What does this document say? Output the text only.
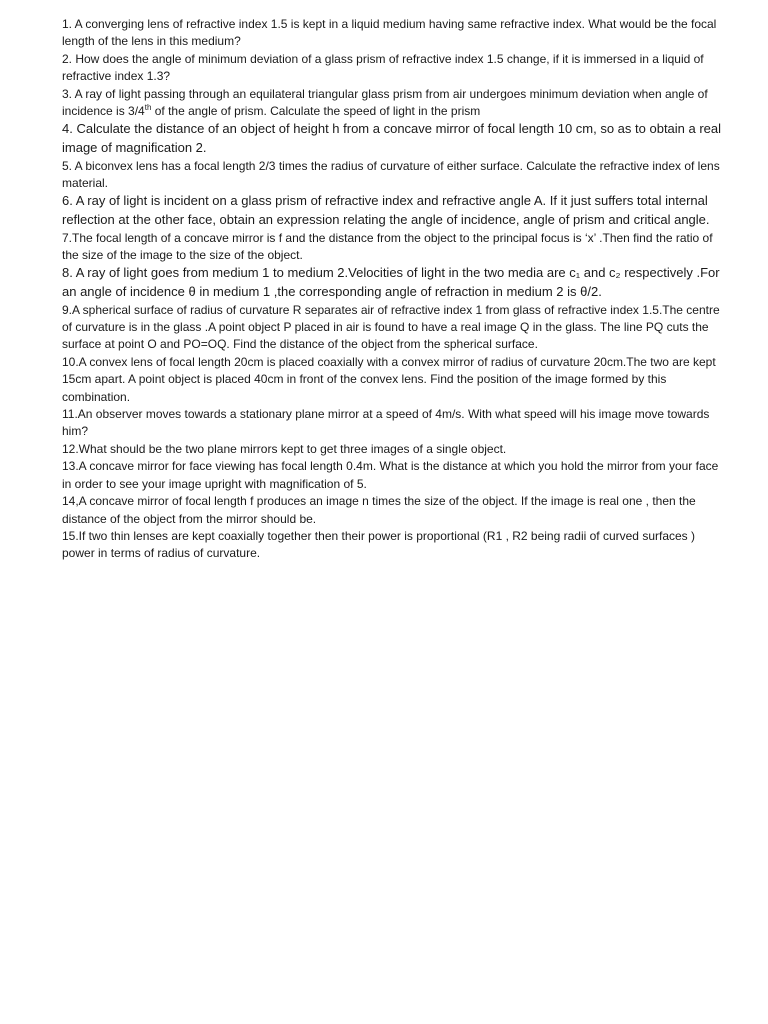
1. A converging lens of refractive index 1.5 is kept in a liquid medium having same refractive index. What would be the focal length of the lens in this medium?

2. How does the angle of minimum deviation of a glass prism of refractive index 1.5 change, if it is immersed in a liquid of refractive index 1.3?

3. A ray of light passing through an equilateral triangular glass prism from air undergoes minimum deviation when angle of incidence is 3/4th of the angle of prism. Calculate the speed of light in the prism

4. Calculate the distance of an object of height h from a concave mirror of focal length 10 cm, so as to obtain a real image of magnification 2.

5. A biconvex lens has a focal length 2/3 times the radius of curvature of either surface. Calculate the refractive index of lens material.

6. A ray of light is incident on a glass prism of refractive index and refractive angle A. If it just suffers total internal reflection at the other face, obtain an expression relating the angle of incidence, angle of prism and critical angle.

7.The focal length of a concave mirror is f and the distance from the object to the principal focus is ‘x’ .Then find the ratio of the size of the image to the size of the object.

8. A ray of light goes from medium 1 to medium 2.Velocities of light in the two media are c₁ and c₂ respectively .For an angle of incidence θ in medium 1 ,the corresponding angle of refraction in medium 2 is θ/2.

9.A spherical surface of radius of curvature R separates air of refractive index 1 from glass of refractive index 1.5.The centre of curvature is in the glass .A point object P placed in air is found to have a real image Q in the glass. The line PQ cuts the surface at point O and PO=OQ. Find the distance of the object from the spherical surface.

10.A convex lens of focal length 20cm is placed coaxially with a convex mirror of radius of curvature 20cm.The two are kept 15cm apart. A point object is placed 40cm in front of the convex lens. Find the position of the image formed by this combination.

11.An observer moves towards a stationary plane mirror at a speed of 4m/s. With what speed will his image move towards him?

12.What should be the two plane mirrors kept to get three images of a single object.

13.A concave mirror for face viewing has focal length 0.4m. What is the distance at which you hold the mirror from your face in order to see your image upright with magnification of 5.

14,A concave mirror of focal length f produces an image n times the size of the object. If the image is real one , then the distance of the object from the mirror should be.

15.If two thin lenses are kept coaxially together then their power is proportional (R1 , R2 being radii of curved surfaces ) power in terms of radius of curvature.
